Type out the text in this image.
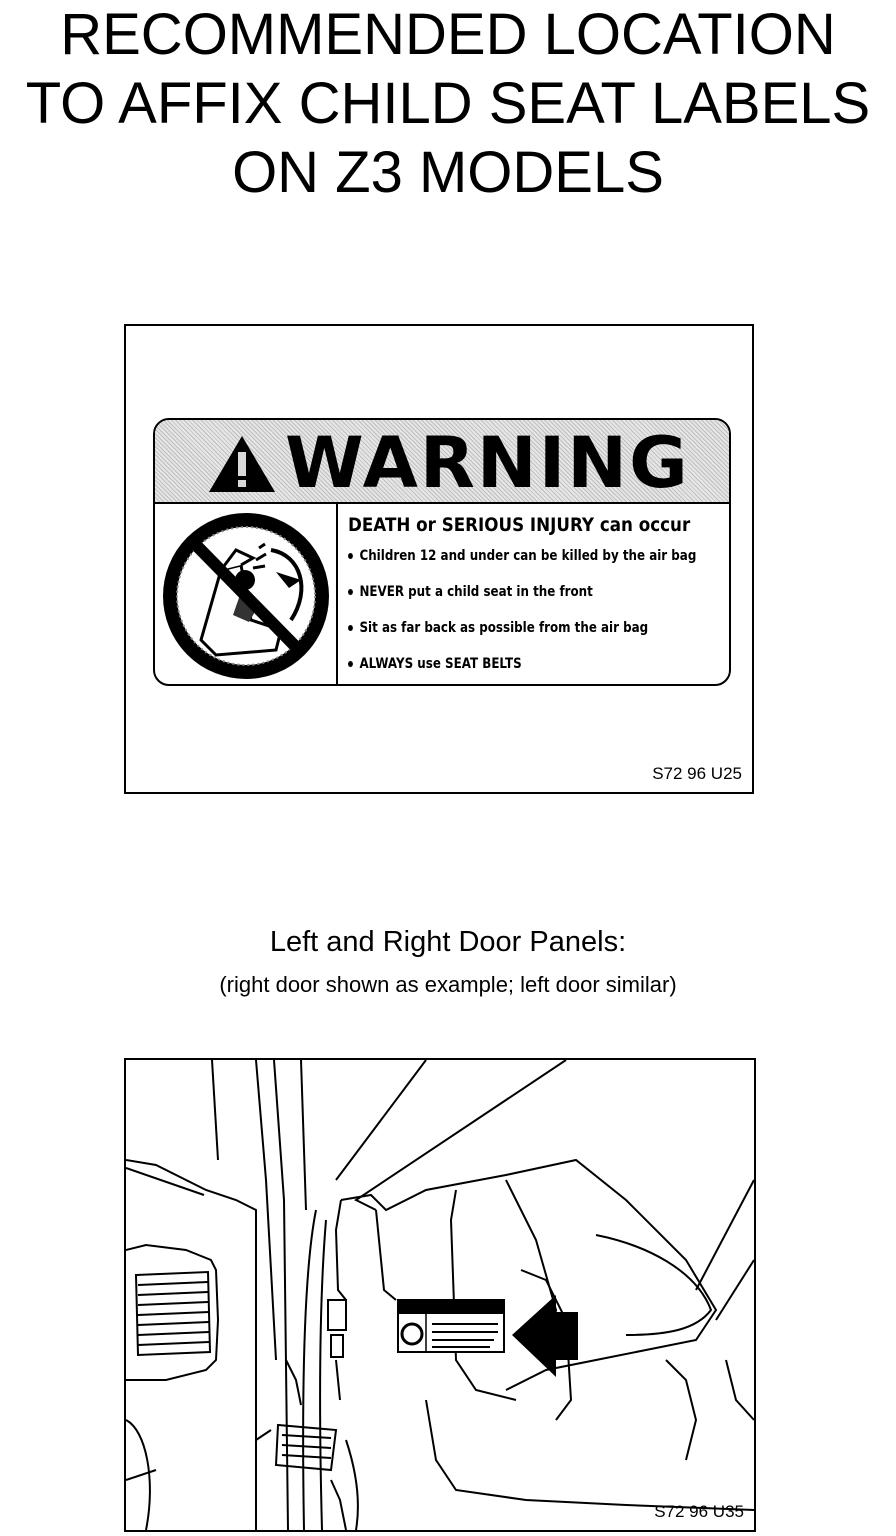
RECOMMENDED LOCATION
TO AFFIX CHILD SEAT LABELS
ON Z3 MODELS
WARNING
DEATH or SERIOUS INJURY can occur
Children 12 and under can be killed by the air bag
NEVER put a child seat in the front
Sit as far back as possible from the air bag
ALWAYS use SEAT BELTS
S72 96 U25
Left and Right Door Panels:
(right door shown as example; left door similar)
S72 96 U35
